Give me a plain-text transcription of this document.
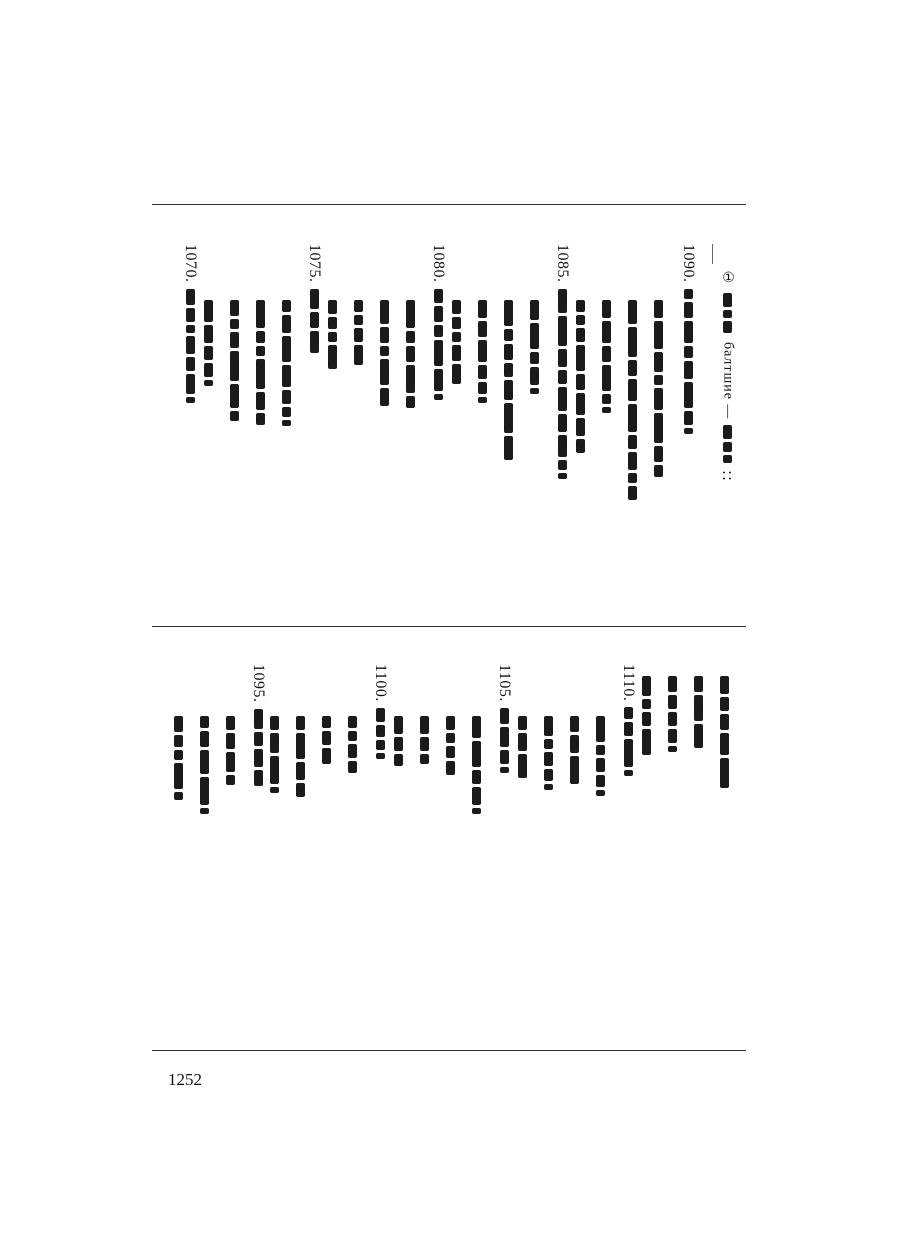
①
бaлтшие —
::
1090.
1085.
1080.
1075.
1070.
1110.
1105.
1100.
1095.
1252
